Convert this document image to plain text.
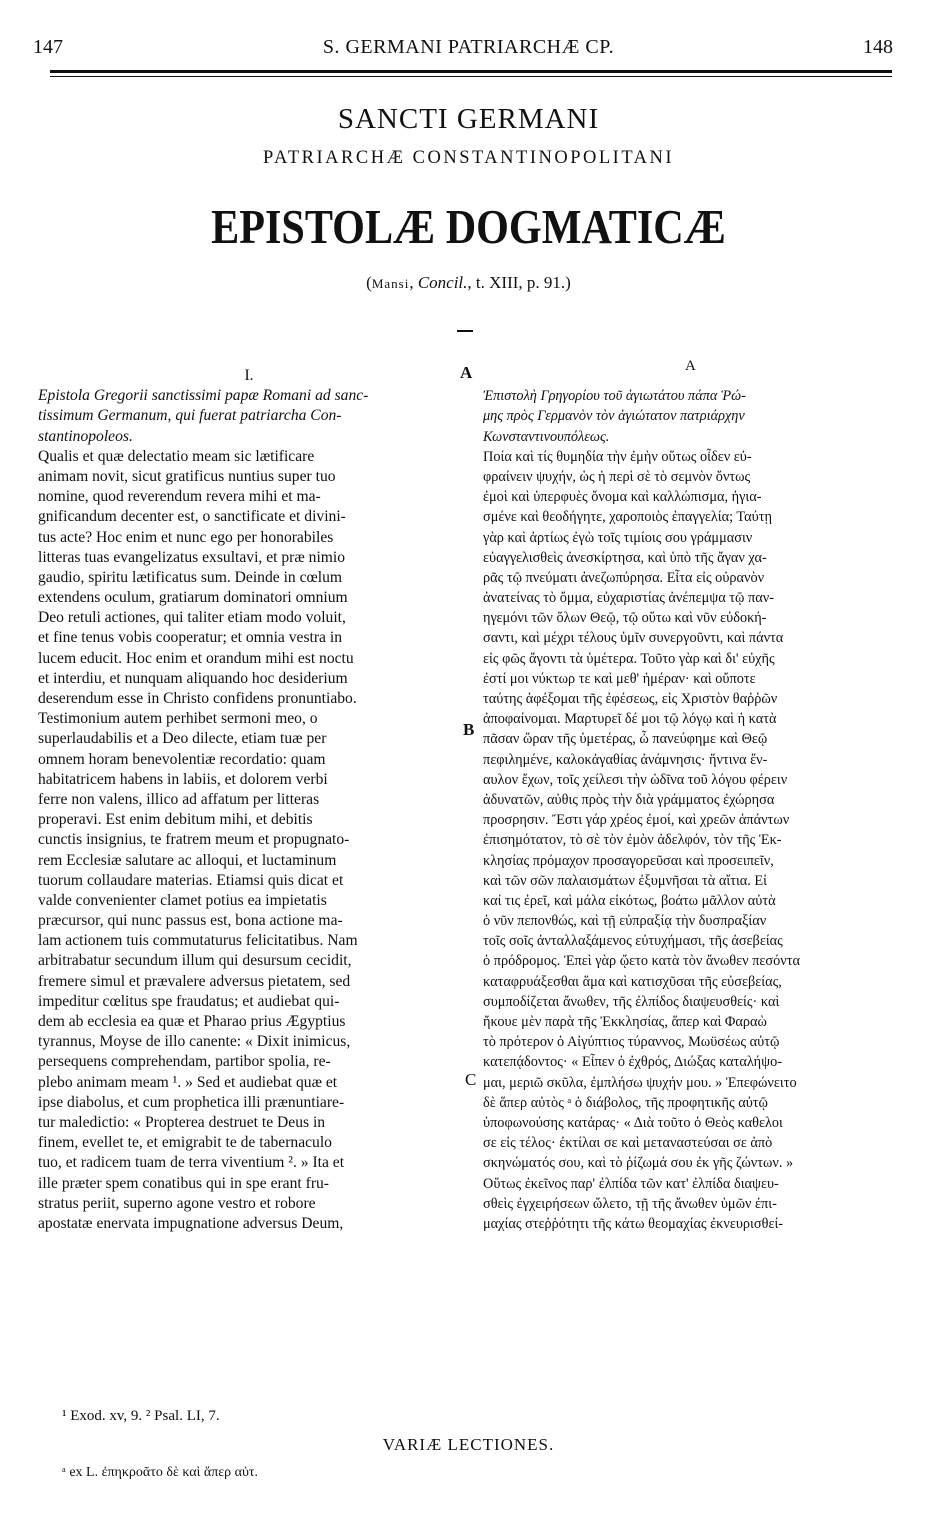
147	S. GERMANI PATRIARCHÆ CP.	148
SANCTI GERMANI
PATRIARCHÆ CONSTANTINOPOLITANI
EPISTOLÆ DOGMATICÆ
(Mansi, Concil., t. XIII, p. 91.)
A	A
B
C
I.
Epistola Gregorii sanctissimi papæ Romani ad sanc-
tissimum Germanum, qui fuerat patriarcha Con-
stantinopoleos.
Qualis et quæ delectatio meam sic lætificare
animam novit, sicut gratificus nuntius super tuo
nomine, quod reverendum revera mihi et ma-
gnificandum decenter est, o sanctificate et divini-
tus acte? Hoc enim et nunc ego per honorabiles
litteras tuas evangelizatus exsultavi, et præ nimio
gaudio, spiritu lætificatus sum. Deinde in cœlum
extendens oculum, gratiarum dominatori omnium
Deo retuli actiones, qui taliter etiam modo voluit,
et fine tenus vobis cooperatur; et omnia vestra in
lucem educit. Hoc enim et orandum mihi est noctu
et interdiu, et nunquam aliquando hoc desiderium
deserendum esse in Christo confidens pronuntiabo.
Testimonium autem perhibet sermoni meo, o
superlaudabilis et a Deo dilecte, etiam tuæ per
omnem horam benevolentiæ recordatio: quam
habitatricem habens in labiis, et dolorem verbi
ferre non valens, illico ad affatum per litteras
properavi. Est enim debitum mihi, et debitis
cunctis insignius, te fratrem meum et propugnato-
rem Ecclesiæ salutare ac alloqui, et luctaminum
tuorum collaudare materias. Etiamsi quis dicat et
valde convenienter clamet potius ea impietatis
præcursor, qui nunc passus est, bona actione ma-
lam actionem tuis commutaturus felicitatibus. Nam
arbitrabatur secundum illum qui desursum cecidit,
fremere simul et prævalere adversus pietatem, sed
impeditur cœlitus spe fraudatus; et audiebat qui-
dem ab ecclesia ea quæ et Pharao prius Ægyptius
tyrannus, Moyse de illo canente: « Dixit inimicus,
persequens comprehendam, partibor spolia, re-
plebo animam meam ¹. » Sed et audiebat quæ et
ipse diabolus, et cum prophetica illi prænuntiare-
tur maledictio: « Propterea destruet te Deus in
finem, evellet te, et emigrabit te de tabernaculo
tuo, et radicem tuam de terra viventium ². » Ita et
ille præter spem conatibus qui in spe erant fru-
stratus periit, superno agone vestro et robore
apostatæ enervata impugnatione adversus Deum,
Ἐπιστολὴ Γρηγορίου τοῦ ἁγιωτάτου πάπα Ῥώ-
μης πρὸς Γερμανὸν τὸν ἁγιώτατον πατριάρχην
Κωνσταντινουπόλεως.
Ποία καὶ τίς θυμηδία τὴν ἐμὴν οὕτως οἶδεν εὐ-
φραίνειν ψυχήν, ὡς ἡ περὶ σὲ τὸ σεμνὸν ὄντως
ἐμοὶ καὶ ὑπερφυὲς ὄνομα καὶ καλλώπισμα, ἡγια-
σμένε καὶ θεοδήγητε, χαροποιὸς ἐπαγγελία; Ταύτῃ
γὰρ καὶ ἀρτίως ἐγὼ τοῖς τιμίοις σου γράμμασιν
εὐαγγελισθεὶς ἀνεσκίρτησα, καὶ ὑπὸ τῆς ἄγαν χα-
ρᾶς τῷ πνεύματι ἀνεζωπύρησα. Εἶτα εἰς οὐρανὸν
ἀνατείνας τὸ ὄμμα, εὐχαριστίας ἀνέπεμψα τῷ παν-
ηγεμόνι τῶν ὅλων Θεῷ, τῷ οὕτω καὶ νῦν εὐδοκή-
σαντι, καὶ μέχρι τέλους ὑμῖν συνεργοῦντι, καὶ πάντα
εἰς φῶς ἄγοντι τὰ ὑμέτερα. Τοῦτο γὰρ καὶ δι' εὐχῆς
ἐστί μοι νύκτωρ τε καὶ μεθ' ἡμέραν· καὶ οὔποτε
ταύτης ἀφέξομαι τῆς ἐφέσεως, εἰς Χριστὸν θαῤῥῶν
ἀποφαίνομαι. Μαρτυρεῖ δέ μοι τῷ λόγῳ καὶ ἡ κατὰ
πᾶσαν ὥραν τῆς ὑμετέρας, ὦ πανεύφημε καὶ Θεῷ
πεφιλημένε, καλοκἀγαθίας ἀνάμνησις· ἥντινα ἔν-
αυλον ἔχων, τοῖς χείλεσι τὴν ὠδῖνα τοῦ λόγου φέρειν
ἀδυνατῶν, αὐθις πρὸς τὴν διὰ γράμματος ἐχώρησα
προσρησιν. Ἔστι γάρ χρέος ἐμοί, καὶ χρεῶν ἁπάντων
ἐπισημότατον, τὸ σὲ τὸν ἐμὸν ἀδελφόν, τὸν τῆς Ἐκ-
κλησίας πρόμαχον προσαγορεῦσαι καὶ προσειπεῖν,
καὶ τῶν σῶν παλαισμάτων ἐξυμνῆσαι τὰ αἴτια. Εἰ
καί τις ἐρεῖ, καὶ μάλα εἰκότως, βοάτω μᾶλλον αὐτὰ
ὁ νῦν πεπονθώς, καὶ τῇ εὐπραξίᾳ τὴν δυσπραξίαν
τοῖς σοῖς ἀνταλλαξάμενος εὐτυχήμασι, τῆς ἀσεβείας
ὁ πρόδρομος. Ἐπεὶ γὰρ ᾤετο κατὰ τὸν ἄνωθεν πεσόντα
καταφρυάξεσθαι ἅμα καὶ κατισχῦσαι τῆς εὐσεβείας,
συμποδίζεται ἄνωθεν, τῆς ἐλπίδος διαψευσθείς· καὶ
ἤκουε μὲν παρὰ τῆς Ἐκκλησίας, ἅπερ καὶ Φαραὼ
τὸ πρότερον ὁ Αἰγύπτιος τύραννος, Μωϋσέως αὐτῷ
κατεπᾴδοντος· « Εἶπεν ὁ ἐχθρός, Διώξας καταλήψο-
μαι, μεριῶ σκῦλα, ἐμπλήσω ψυχήν μου. » Ἐπεφώνειτο
δὲ ἅπερ αὐτὸς ᵃ ὁ διάβολος, τῆς προφητικῆς αὐτῷ
ὑποφωνούσης κατάρας· « Διὰ τοῦτο ὁ Θεὸς καθελοι
σε εἰς τέλος· ἐκτίλαι σε καὶ μεταναστεύσαι σε ἀπὸ
σκηνώματός σου, καὶ τὸ ῥίζωμά σου ἐκ γῆς ζώντων. »
Οὕτως ἐκεῖνος παρ' ἐλπίδα τῶν κατ' ἐλπίδα διαψευ-
σθεὶς ἐγχειρήσεων ὤλετο, τῇ τῆς ἄνωθεν ὑμῶν ἐπι-
μαχίας στεῤῥότητι τῆς κάτω θεομαχίας ἐκνευρισθεί-
¹ Exod. xv, 9. ² Psal. LI, 7.
VARIÆ LECTIONES.
ᵃ ex L. ἐπηκροᾶτο δὲ καὶ ἅπερ αὐτ.
